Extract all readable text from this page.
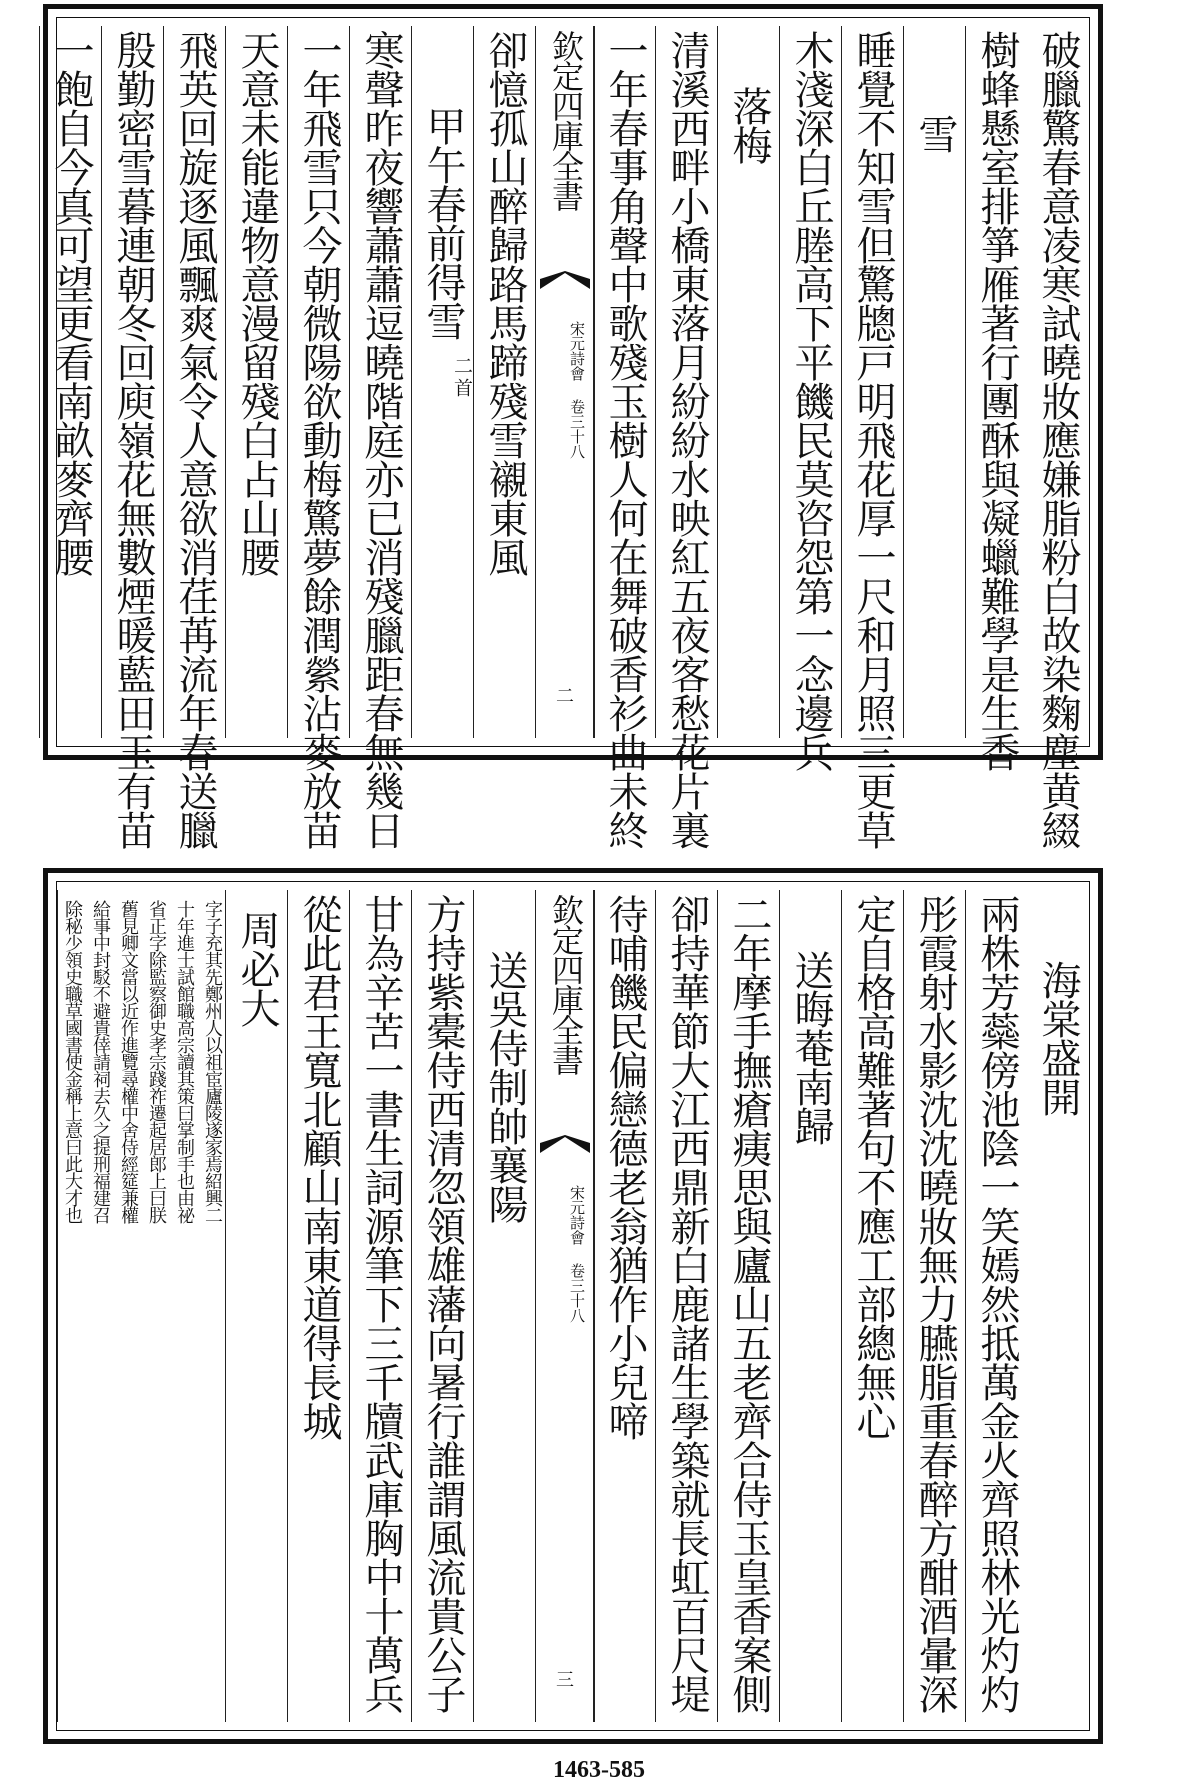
破臘驚春意凌寒試曉妝應嫌脂粉白故染麴塵黄綴
樹蜂懸室排箏雁著行團酥與凝蠟難學是生香
雪
睡覺不知雪但驚牕戸明飛花厚一尺和月照三更草
木淺深白丘塍高下平饑民莫咨怨第一念邊兵
落梅
清溪西畔小橋東落月紛紛水映紅五夜客愁花片裏
一年春事角聲中歌殘玉樹人何在舞破香衫曲未終
欽定四庫全書
宋元詩會 卷三十八
二
卻憶孤山醉歸路馬蹄殘雪襯東風
甲午春前得雪
二首
寒聲昨夜響蕭蕭逗曉階庭亦已消殘臘距春無幾日
一年飛雪只今朝微陽欲動梅驚夢餘潤縈沾麥放苗
天意未能違物意漫留殘白占山腰
飛英回旋逐風飄爽氣令人意欲消荏苒流年春送臘
殷勤密雪暮連朝冬回庾嶺花無數煙暖藍田玉有苗
一飽自今真可望更看南畝麥齊腰
海棠盛開
兩株芳蘂傍池陰一笑嫣然抵萬金火齊照林光灼灼
彤霞射水影沈沈曉妝無力臙脂重春醉方酣酒暈深
定自格高難著句不應工部總無心
送晦菴南歸
二年摩手撫瘡痍思與廬山五老齊合侍玉皇香案側
卻持華節大江西鼎新白鹿諸生學築就長虹百尺堤
待哺饑民偏戀德老翁猶作小兒啼
欽定四庫全書
宋元詩會 卷三十八
三
送吳侍制帥襄陽
方持紫橐侍西清忽領雄藩向暑行誰謂風流貴公子
甘為辛苦一書生詞源筆下三千牘武庫胸中十萬兵
從此君王寬北顧山南東道得長城
周必大
字子充其先鄭州人以祖宦廬陵遂家焉紹興二
十年進士試館職高宗讀其策曰掌制手也由祕
省正字除監察御史孝宗踐祚遷起居郎上曰朕
舊見卿文當以近作進覽尋權中舍侍經筵兼權
給事中封駁不避貴倖請祠去久之提刑福建召
除秘少領史職草國書使金稱上意曰此大才也
1463-585
